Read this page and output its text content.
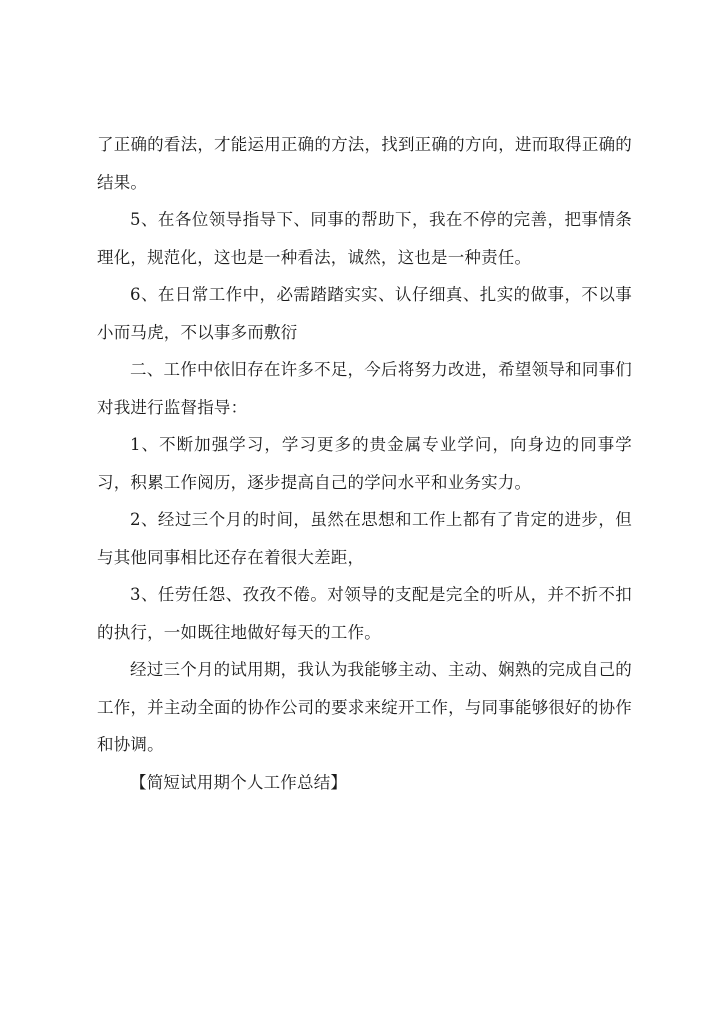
了正确的看法，才能运用正确的方法，找到正确的方向，进而取得正确的结果。

5、在各位领导指导下、同事的帮助下，我在不停的完善，把事情条理化，规范化，这也是一种看法，诚然，这也是一种责任。

6、在日常工作中，必需踏踏实实、认仔细真、扎实的做事，不以事小而马虎，不以事多而敷衍

二、工作中依旧存在许多不足，今后将努力改进，希望领导和同事们对我进行监督指导：

1、不断加强学习，学习更多的贵金属专业学问，向身边的同事学习，积累工作阅历，逐步提高自己的学问水平和业务实力。

2、经过三个月的时间，虽然在思想和工作上都有了肯定的进步，但与其他同事相比还存在着很大差距，

3、任劳任怨、孜孜不倦。对领导的支配是完全的听从，并不折不扣的执行，一如既往地做好每天的工作。

经过三个月的试用期，我认为我能够主动、主动、娴熟的完成自己的工作，并主动全面的协作公司的要求来绽开工作，与同事能够很好的协作和协调。

【简短试用期个人工作总结】
